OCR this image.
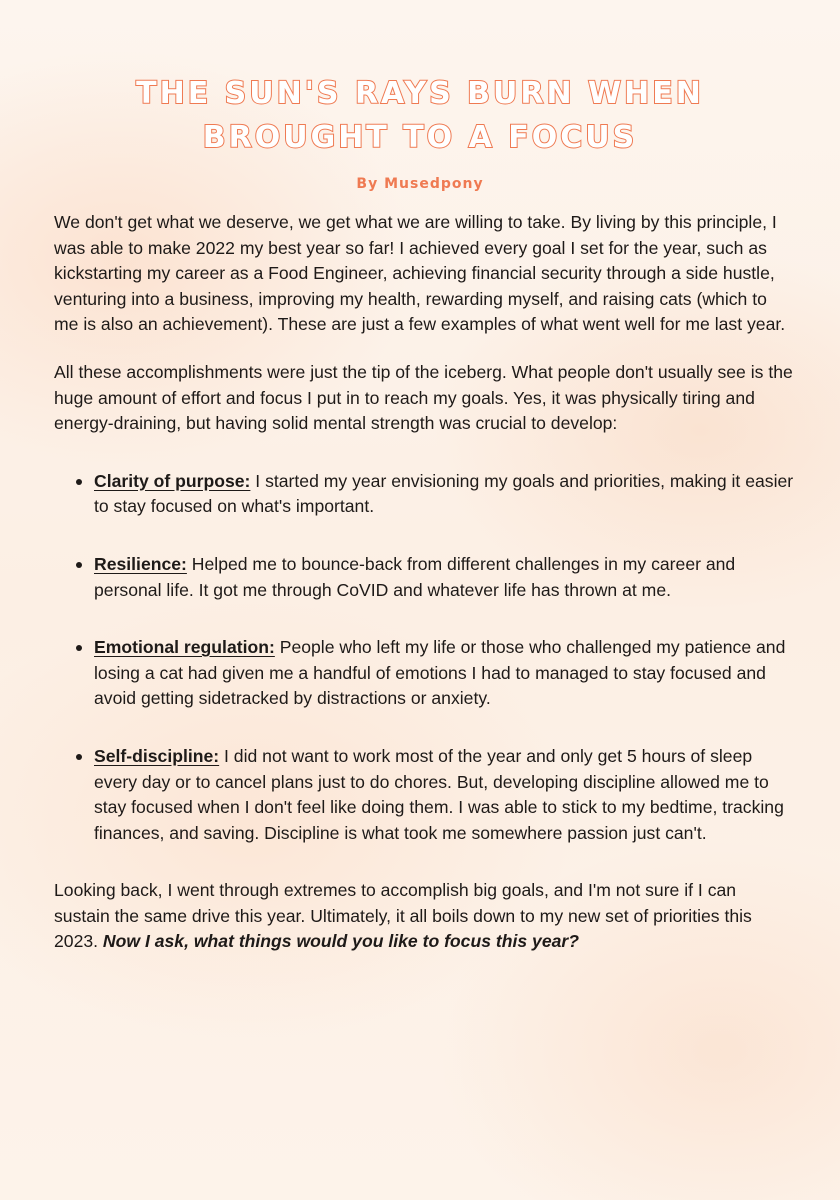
THE SUN'S RAYS BURN WHEN
BROUGHT TO A FOCUS
By Musedpony

We don't get what we deserve, we get what we are willing to take. By living by this principle, I was able to make 2022 my best year so far! I achieved every goal I set for the year, such as kickstarting my career as a Food Engineer, achieving financial security through a side hustle, venturing into a business, improving my health, rewarding myself, and raising cats (which to me is also an achievement). These are just a few examples of what went well for me last year.

All these accomplishments were just the tip of the iceberg. What people don't usually see is the huge amount of effort and focus I put in to reach my goals. Yes, it was physically tiring and energy-draining, but having solid mental strength was crucial to develop:

Clarity of purpose: I started my year envisioning my goals and priorities, making it easier to stay focused on what's important.
Resilience: Helped me to bounce-back from different challenges in my career and personal life. It got me through CoVID and whatever life has thrown at me.
Emotional regulation: People who left my life or those who challenged my patience and losing a cat had given me a handful of emotions I had to managed to stay focused and avoid getting sidetracked by distractions or anxiety.
Self-discipline: I did not want to work most of the year and only get 5 hours of sleep every day or to cancel plans just to do chores. But, developing discipline allowed me to stay focused when I don't feel like doing them. I was able to stick to my bedtime, tracking finances, and saving. Discipline is what took me somewhere passion just can't.

Looking back, I went through extremes to accomplish big goals, and I'm not sure if I can sustain the same drive this year. Ultimately, it all boils down to my new set of priorities this 2023. Now I ask, what things would you like to focus this year?
